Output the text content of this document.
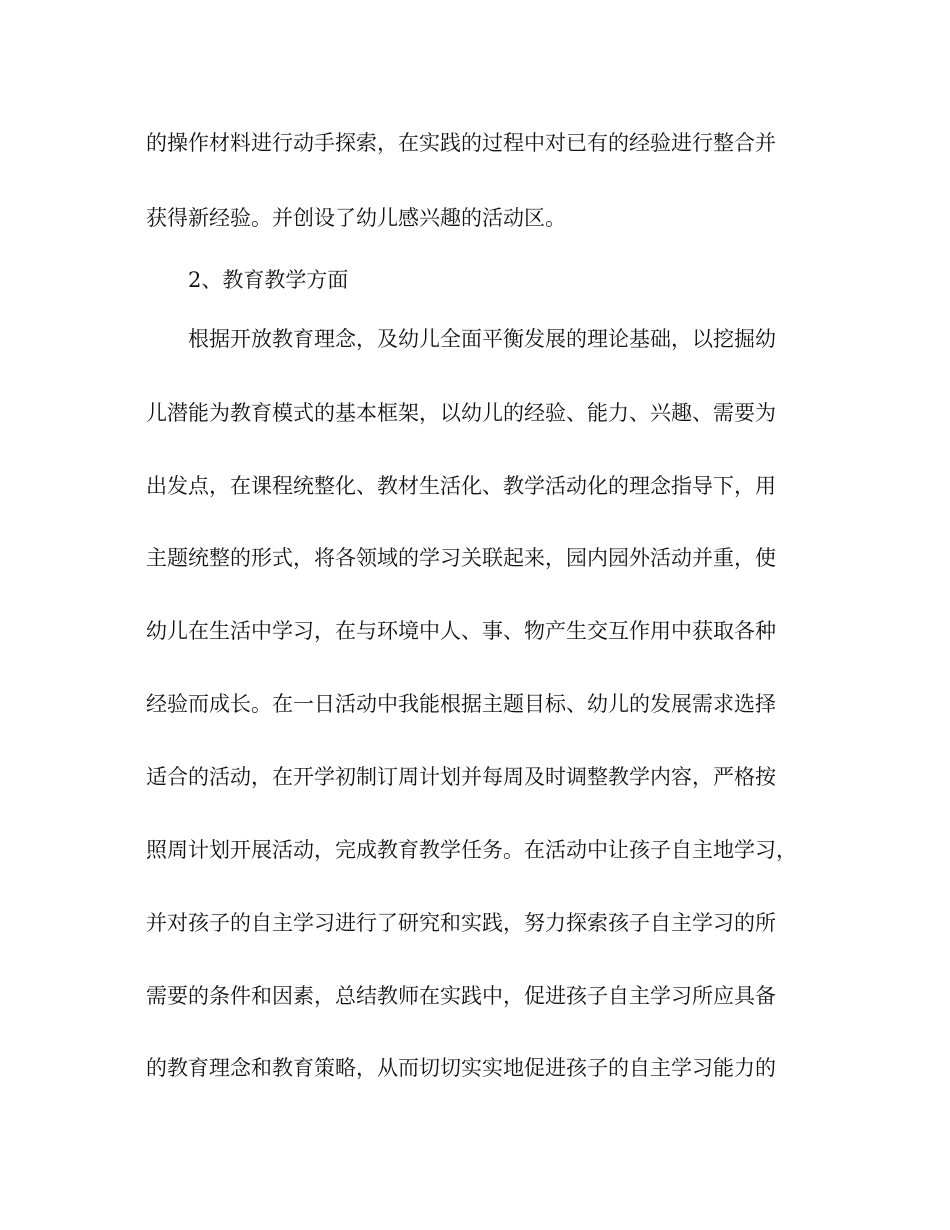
的操作材料进行动手探索，在实践的过程中对已有的经验进行整合并
获得新经验。并创设了幼儿感兴趣的活动区。
2、教育教学方面
根据开放教育理念，及幼儿全面平衡发展的理论基础，以挖掘幼
儿潜能为教育模式的基本框架，以幼儿的经验、能力、兴趣、需要为
出发点，在课程统整化、教材生活化、教学活动化的理念指导下，用
主题统整的形式，将各领域的学习关联起来，园内园外活动并重，使
幼儿在生活中学习，在与环境中人、事、物产生交互作用中获取各种
经验而成长。在一日活动中我能根据主题目标、幼儿的发展需求选择
适合的活动，在开学初制订周计划并每周及时调整教学内容，严格按
照周计划开展活动，完成教育教学任务。在活动中让孩子自主地学习，
并对孩子的自主学习进行了研究和实践，努力探索孩子自主学习的所
需要的条件和因素，总结教师在实践中，促进孩子自主学习所应具备
的教育理念和教育策略，从而切切实实地促进孩子的自主学习能力的
